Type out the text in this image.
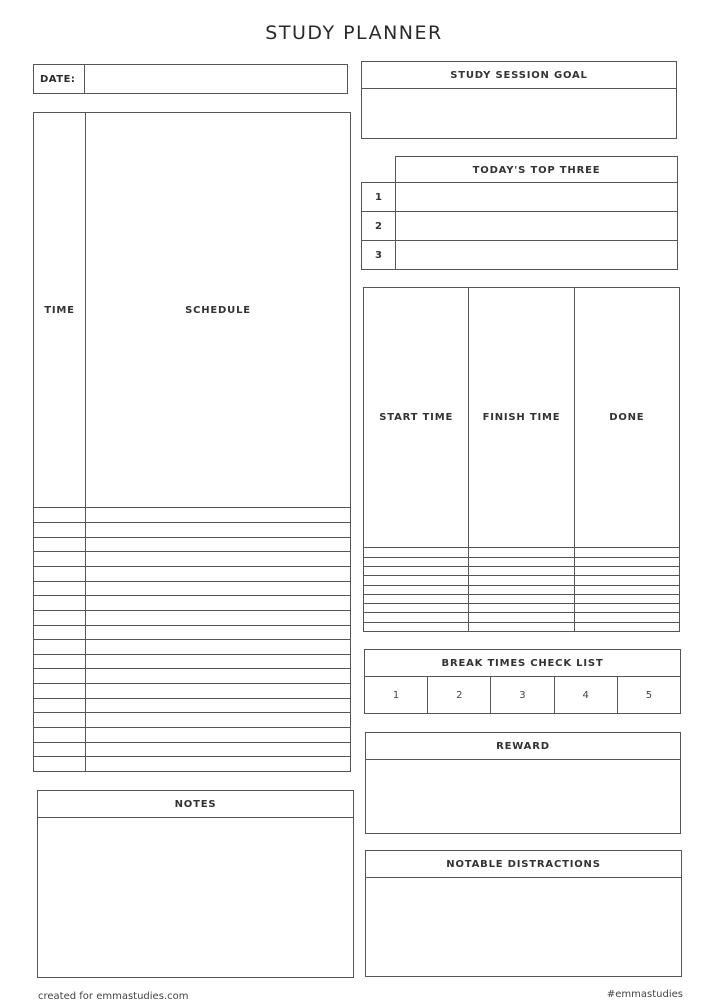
STUDY PLANNER
DATE:	
TIME	SCHEDULE

NOTES

STUDY SESSION GOAL

TODAY'S TOP THREE
1	
2	
3	
START TIME	FINISH TIME	DONE

BREAK TIMES CHECK LIST
1	2	3	4	5
REWARD

NOTABLE DISTRACTIONS

created for emmastudies.com	#emmastudies
